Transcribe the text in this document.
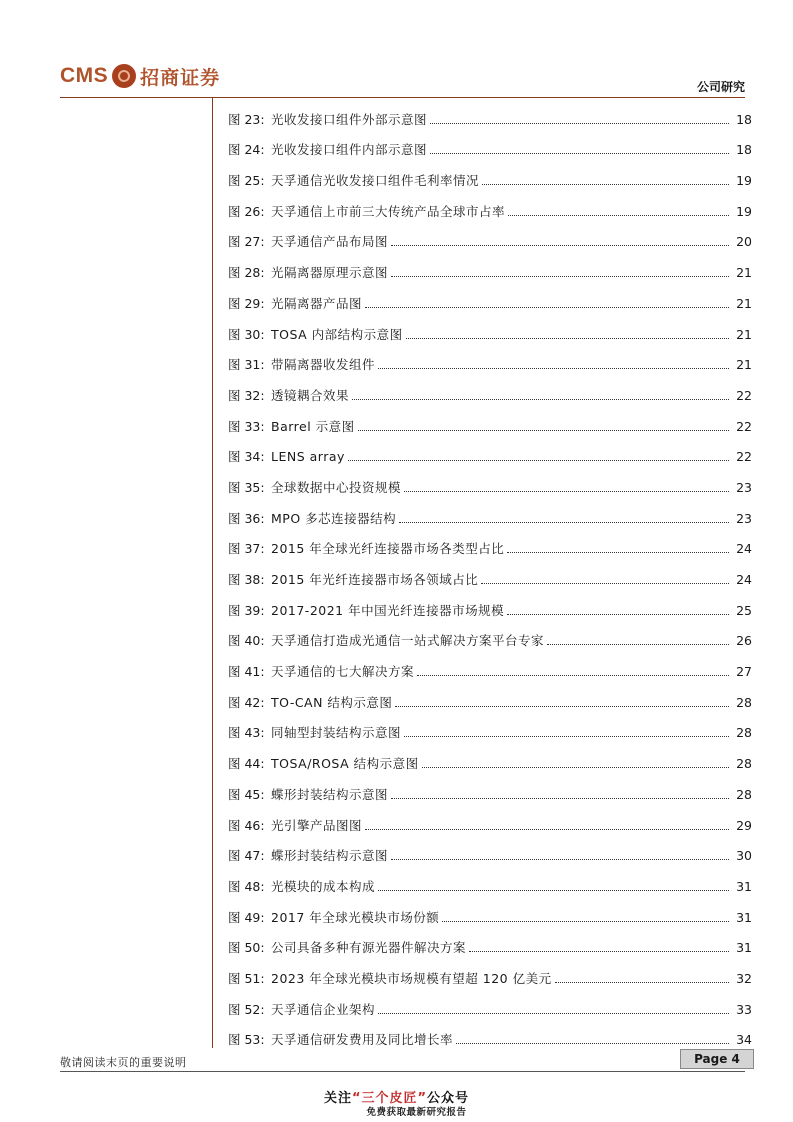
CMS 招商证券	公司研究
图 23: 光收发接口组件外部示意图	18
图 24: 光收发接口组件内部示意图	18
图 25: 天孚通信光收发接口组件毛利率情况	19
图 26: 天孚通信上市前三大传统产品全球市占率	19
图 27: 天孚通信产品布局图	20
图 28: 光隔离器原理示意图	21
图 29: 光隔离器产品图	21
图 30: TOSA 内部结构示意图	21
图 31: 带隔离器收发组件	21
图 32: 透镜耦合效果	22
图 33: Barrel 示意图	22
图 34: LENS array	22
图 35: 全球数据中心投资规模	23
图 36: MPO 多芯连接器结构	23
图 37: 2015 年全球光纤连接器市场各类型占比	24
图 38: 2015 年光纤连接器市场各领域占比	24
图 39: 2017-2021 年中国光纤连接器市场规模	25
图 40: 天孚通信打造成光通信一站式解决方案平台专家	26
图 41: 天孚通信的七大解决方案	27
图 42: TO-CAN 结构示意图	28
图 43: 同轴型封装结构示意图	28
图 44: TOSA/ROSA 结构示意图	28
图 45: 蝶形封装结构示意图	28
图 46: 光引擎产品图图	29
图 47: 蝶形封装结构示意图	30
图 48: 光模块的成本构成	31
图 49: 2017 年全球光模块市场份额	31
图 50: 公司具备多种有源光器件解决方案	31
图 51: 2023 年全球光模块市场规模有望超 120 亿美元	32
图 52: 天孚通信企业架构	33
图 53: 天孚通信研发费用及同比增长率	34
敬请阅读末页的重要说明	Page 4
关注“三个皮匠”公众号
免费获取最新研究报告
